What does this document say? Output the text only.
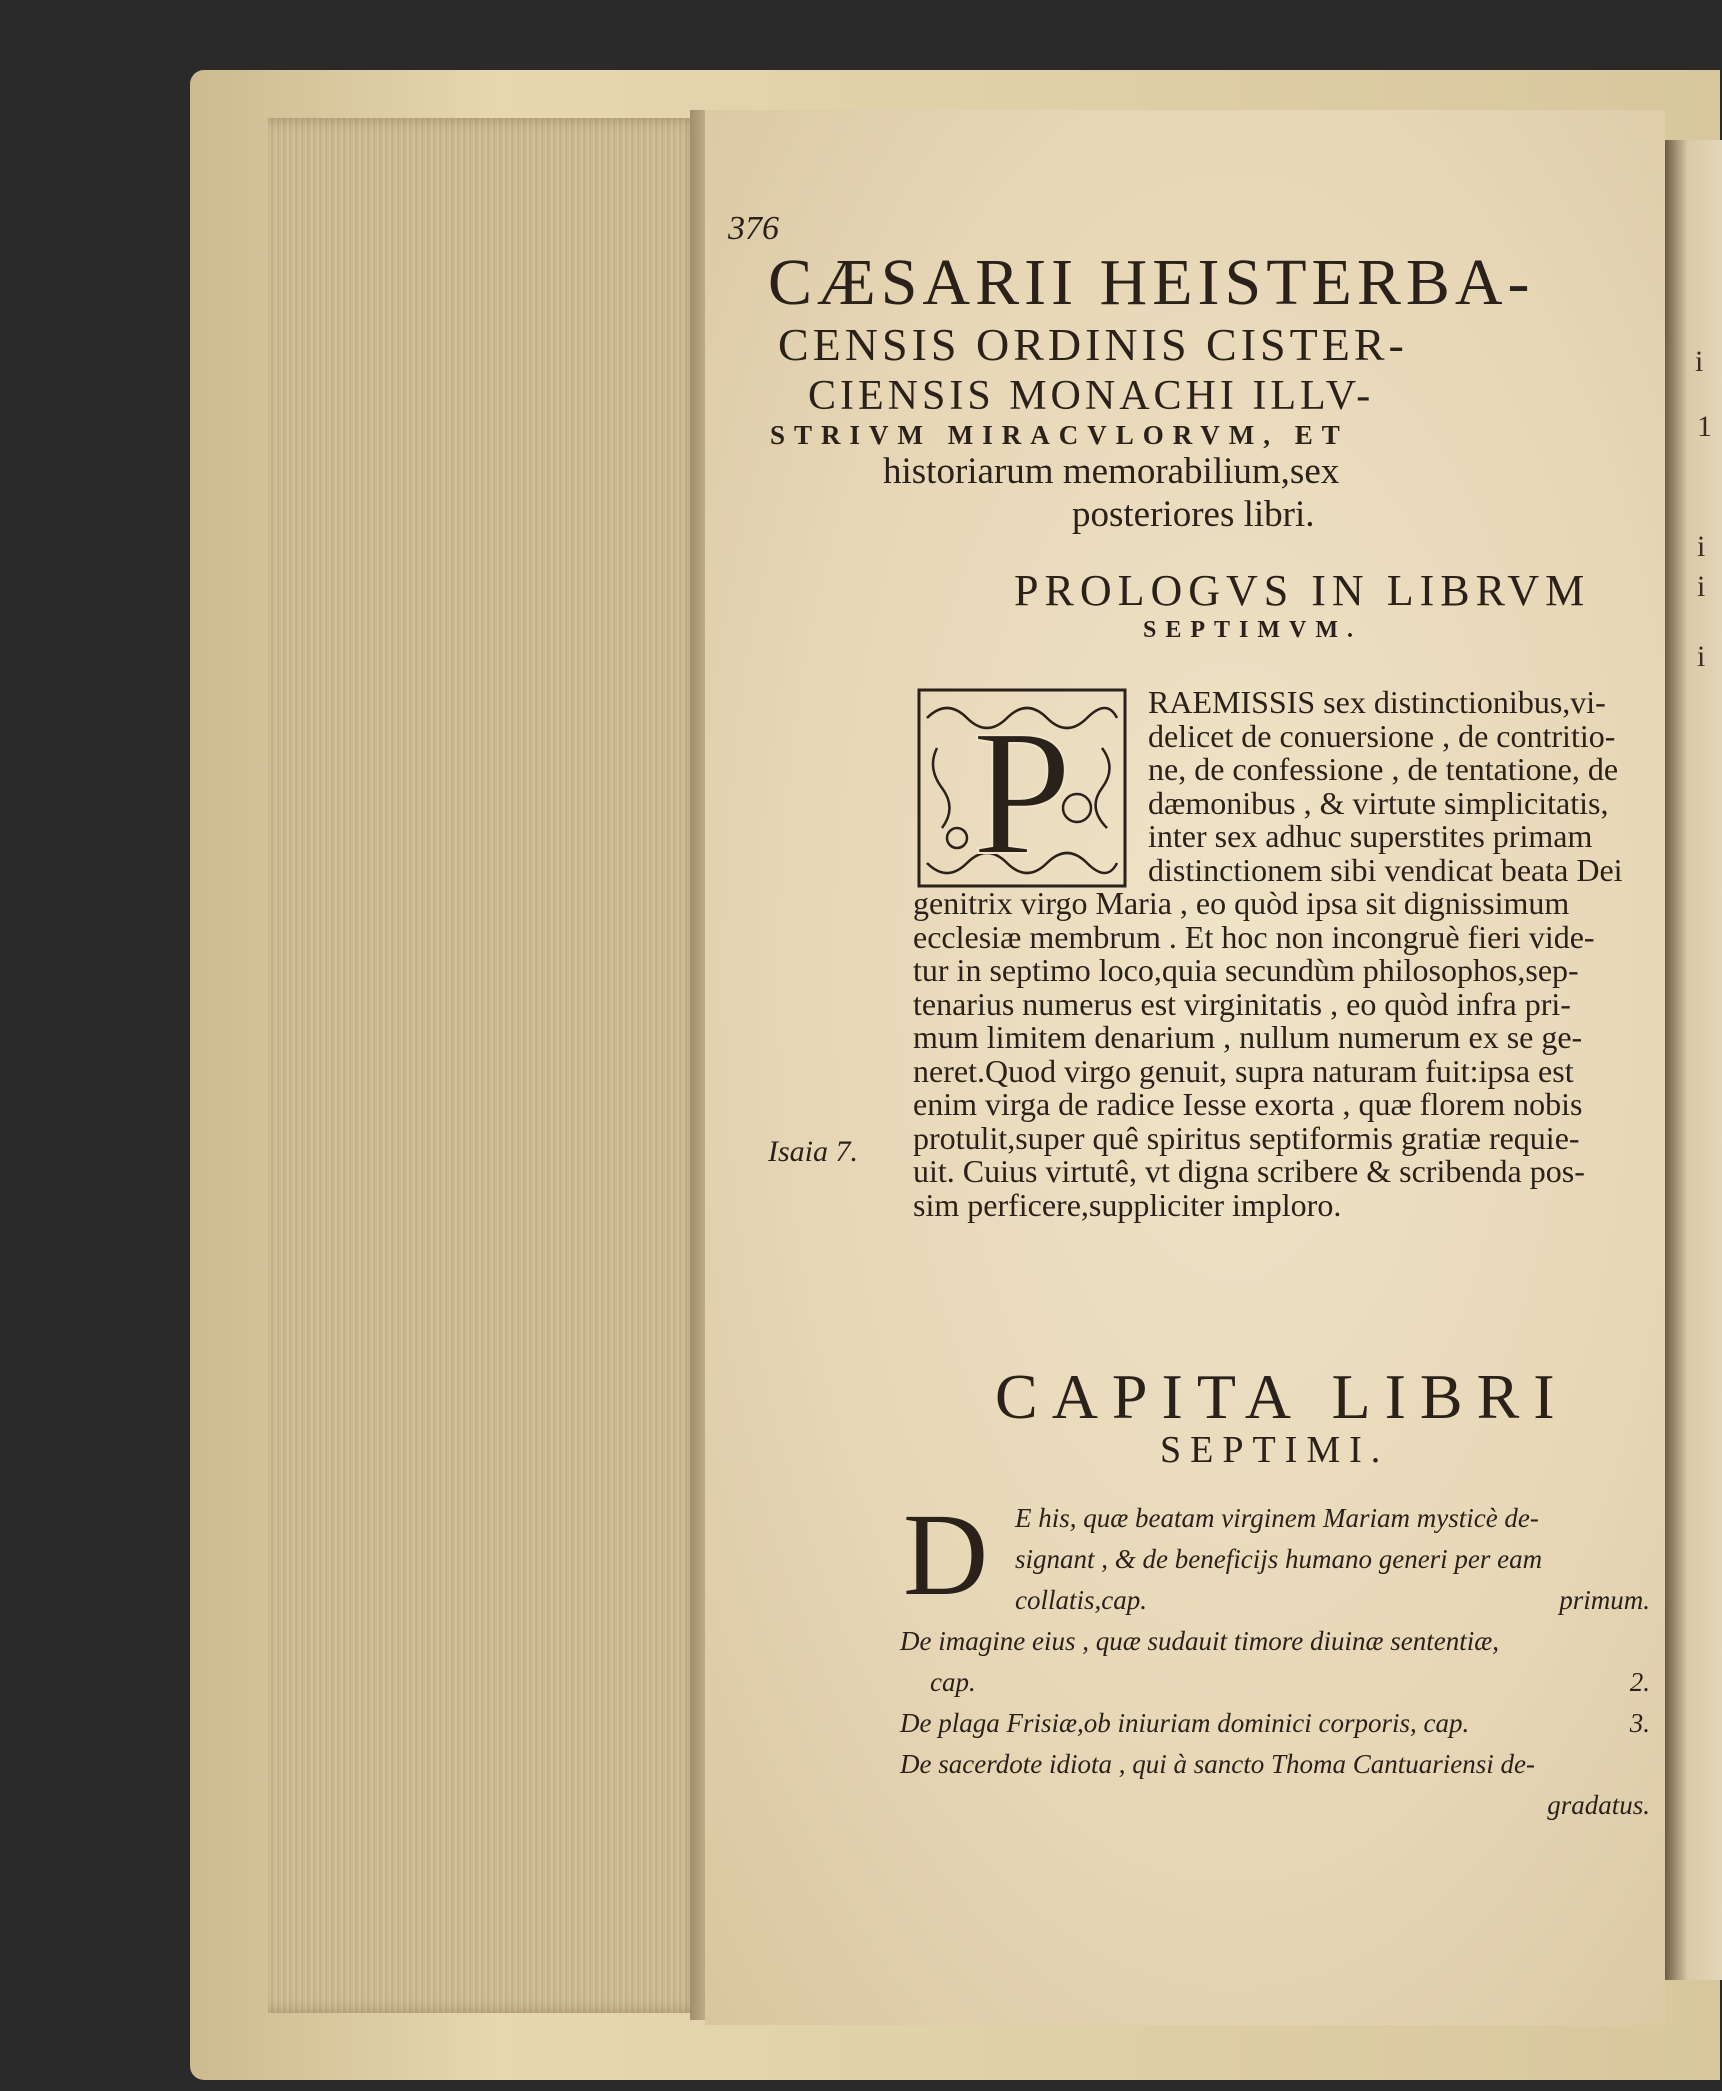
376
CÆSARII HEISTERBA-
CENSIS ORDINIS CISTER-
CIENSIS MONACHI ILLV-
STRIVM MIRACVLORVM, ET
historiarum memorabilium,sex
posteriores libri.
PROLOGVS IN LIBRVM
SEPTIMVM.
P	RAEMISSIS sex distinctionibus,vi-
delicet de conuersione , de contritio-
ne, de confessione , de tentatione, de
dæmonibus , & virtute simplicitatis,
inter sex adhuc superstites primam
distinctionem sibi vendicat beata Dei
genitrix virgo Maria , eo quòd ipsa sit dignissimum
ecclesiæ membrum . Et hoc non incongruè fieri vide-
tur in septimo loco,quia secundùm philosophos,sep-
tenarius numerus est virginitatis , eo quòd infra pri-
mum limitem denarium , nullum numerum ex se ge-
neret.Quod virgo genuit, supra naturam fuit:ipsa est
enim virga de radice Iesse exorta , quæ florem nobis
protulit,super quê spiritus septiformis gratiæ requie-
uit. Cuius virtutê, vt digna scribere & scribenda pos-
sim perficere,suppliciter imploro.
Isaia 7.
CAPITA LIBRI
SEPTIMI.
D E his, quæ beatam virginem Mariam mysticè de-
signant , & de beneficijs humano generi per eam
collatis,cap.	primum.
De imagine eius , quæ sudauit timore diuinæ sententiæ,
cap.	2.
De plaga Frisiæ,ob iniuriam dominici corporis, cap.	3.
De sacerdote idiota , qui à sancto Thoma Cantuariensi de-
gradatus.
i
1
i
i
i
